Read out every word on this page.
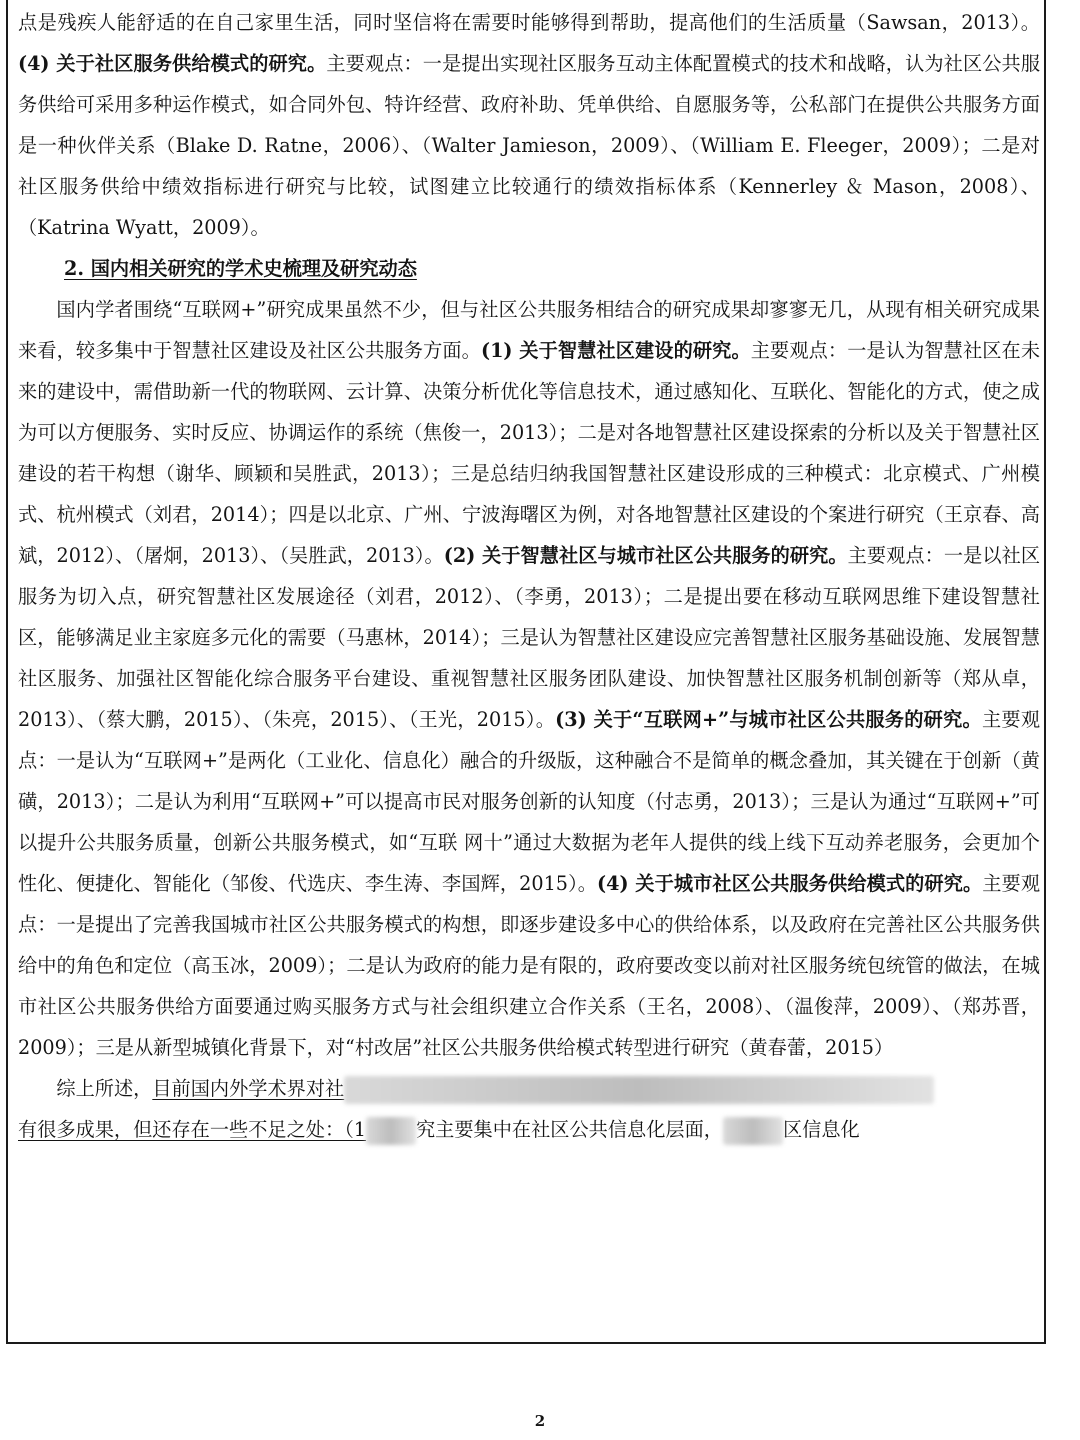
点是残疾人能舒适的在自己家里生活，同时坚信将在需要时能够得到帮助，提高他们的生活质量（Sawsan，2013）。(4) 关于社区服务供给模式的研究。主要观点：一是提出实现社区服务互动主体配置模式的技术和战略，认为社区公共服务供给可采用多种运作模式，如合同外包、特许经营、政府补助、凭单供给、自愿服务等，公私部门在提供公共服务方面是一种伙伴关系（Blake D. Ratne，2006）、（Walter Jamieson，2009）、（William E. Fleeger，2009）；二是对社区服务供给中绩效指标进行研究与比较，试图建立比较通行的绩效指标体系（Kennerley ＆ Mason，2008）、（Katrina Wyatt，2009）。

2. 国内相关研究的学术史梳理及研究动态

国内学者围绕“互联网+”研究成果虽然不少，但与社区公共服务相结合的研究成果却寥寥无几，从现有相关研究成果来看，较多集中于智慧社区建设及社区公共服务方面。(1) 关于智慧社区建设的研究。主要观点：一是认为智慧社区在未来的建设中，需借助新一代的物联网、云计算、决策分析优化等信息技术，通过感知化、互联化、智能化的方式，使之成为可以方便服务、实时反应、协调运作的系统（焦俊一，2013）；二是对各地智慧社区建设探索的分析以及关于智慧社区建设的若干构想（谢华、顾颖和吴胜武，2013）；三是总结归纳我国智慧社区建设形成的三种模式：北京模式、广州模式、杭州模式（刘君，2014）；四是以北京、广州、宁波海曙区为例，对各地智慧社区建设的个案进行研究（王京春、高斌，2012）、（屠炯，2013）、（吴胜武，2013）。(2) 关于智慧社区与城市社区公共服务的研究。主要观点：一是以社区服务为切入点，研究智慧社区发展途径（刘君，2012）、（李勇，2013）；二是提出要在移动互联网思维下建设智慧社区，能够满足业主家庭多元化的需要（马惠林，2014）；三是认为智慧社区建设应完善智慧社区服务基础设施、发展智慧社区服务、加强社区智能化综合服务平台建设、重视智慧社区服务团队建设、加快智慧社区服务机制创新等（郑从卓，2013）、（蔡大鹏，2015）、（朱亮，2015）、（王光，2015）。(3) 关于“互联网+”与城市社区公共服务的研究。主要观点：一是认为“互联网+”是两化（工业化、信息化）融合的升级版，这种融合不是简单的概念叠加，其关键在于创新（黄磺，2013）；二是认为利用“互联网+”可以提高市民对服务创新的认知度（付志勇，2013）；三是认为通过“互联网+”可以提升公共服务质量，创新公共服务模式，如“互联 网十”通过大数据为老年人提供的线上线下互动养老服务，会更加个性化、便捷化、智能化（邹俊、代选庆、李生涛、李国辉，2015）。(4) 关于城市社区公共服务供给模式的研究。主要观点：一是提出了完善我国城市社区公共服务模式的构想，即逐步建设多中心的供给体系，以及政府在完善社区公共服务供给中的角色和定位（高玉冰，2009）；二是认为政府的能力是有限的，政府要改变以前对社区服务统包统管的做法，在城市社区公共服务供给方面要通过购买服务方式与社会组织建立合作关系（王名，2008）、（温俊萍，2009）、（郑苏晋，2009）；三是从新型城镇化背景下，对“村改居”社区公共服务供给模式转型进行研究（黄春蕾，2015）

综上所述，目前国内外学术界对社
有很多成果，但还存在一些不足之处：（1	究主要集中在社区公共信息化层面，	区信息化

2
